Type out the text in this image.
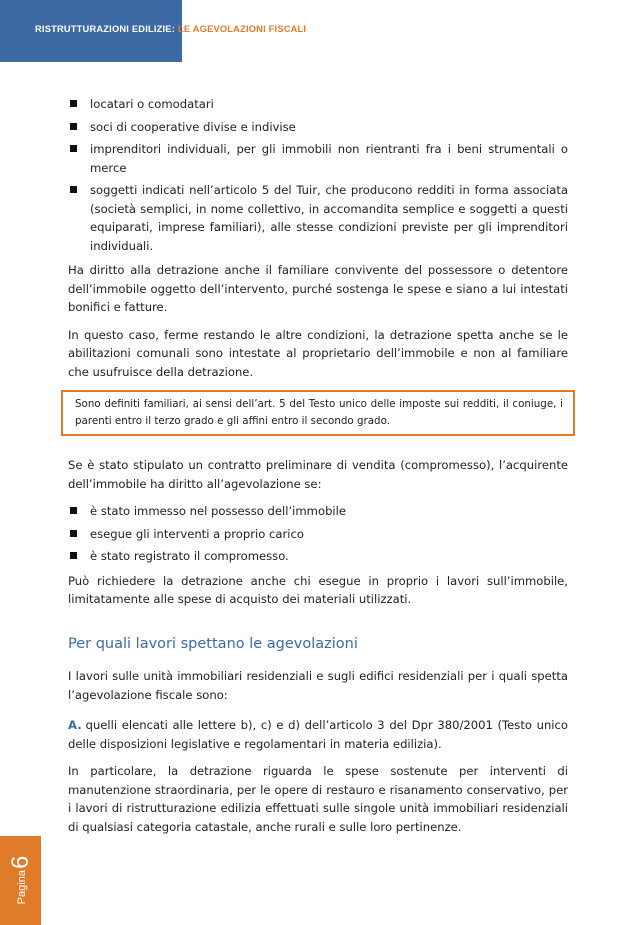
RISTRUTTURAZIONI EDILIZIE: LE AGEVOLAZIONI FISCALI
Pagina6
locatari o comodatari
soci di cooperative divise e indivise
imprenditori individuali, per gli immobili non rientranti fra i beni strumentali o merce
soggetti indicati nell’articolo 5 del Tuir, che producono redditi in forma associata (società semplici, in nome collettivo, in accomandita semplice e soggetti a questi equiparati, imprese familiari), alle stesse condizioni previste per gli imprenditori individuali.

Ha diritto alla detrazione anche il familiare convivente del possessore o detentore dell’immobile oggetto dell’intervento, purché sostenga le spese e siano a lui intestati bonifici e fatture.

In questo caso, ferme restando le altre condizioni, la detrazione spetta anche se le abilitazioni comunali sono intestate al proprietario dell’immobile e non al familiare che usufruisce della detrazione.

Sono definiti familiari, ai sensi dell’art. 5 del Testo unico delle imposte sui redditi, il coniuge, i parenti entro il terzo grado e gli affini entro il secondo grado.

Se è stato stipulato un contratto preliminare di vendita (compromesso), l’acquirente dell’immobile ha diritto all’agevolazione se:

è stato immesso nel possesso dell’immobile
esegue gli interventi a proprio carico
è stato registrato il compromesso.

Può richiedere la detrazione anche chi esegue in proprio i lavori sull’immobile, limitatamente alle spese di acquisto dei materiali utilizzati.

Per quali lavori spettano le agevolazioni

I lavori sulle unità immobiliari residenziali e sugli edifici residenziali per i quali spetta l’agevolazione fiscale sono:

A. quelli elencati alle lettere b), c) e d) dell’articolo 3 del Dpr 380/2001 (Testo unico delle disposizioni legislative e regolamentari in materia edilizia).

In particolare, la detrazione riguarda le spese sostenute per interventi di manutenzione straordinaria, per le opere di restauro e risanamento conservativo, per i lavori di ristrutturazione edilizia effettuati sulle singole unità immobiliari residenziali di qualsiasi categoria catastale, anche rurali e sulle loro pertinenze.
